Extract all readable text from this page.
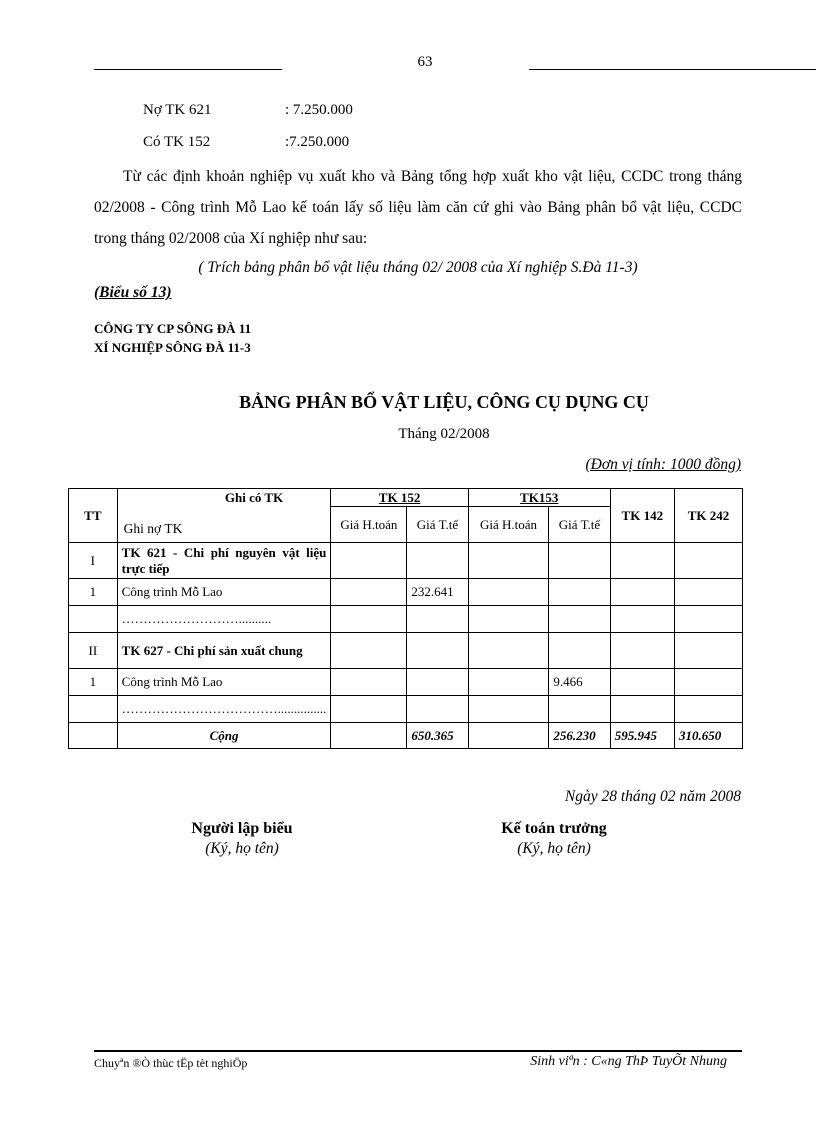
63
Nợ TK 621	: 7.250.000
Có TK 152	:7.250.000

Từ các định khoản nghiệp vụ xuất kho và Bảng tổng hợp xuất kho vật liệu, CCDC trong tháng 02/2008 - Công trình Mỗ Lao kế toán lấy số liệu làm căn cứ ghi vào Bảng phân bổ vật liệu, CCDC trong tháng 02/2008 của Xí nghiệp như sau:

( Trích bảng phân bổ vật liệu tháng 02/ 2008 của Xí nghiệp S.Đà 11-3)
(Biểu số 13)
CÔNG TY CP SÔNG ĐÀ 11
XÍ NGHIỆP SÔNG ĐÀ 11-3
BẢNG PHÂN BỔ VẬT LIỆU, CÔNG CỤ DỤNG CỤ
Tháng 02/2008
(Đơn vị tính: 1000 đồng)
TT	Ghi có TK
Ghi nợ TK	TK 152		TK153		TK 142	TK 242
		Giá H.toán	Giá T.tế	Giá H.toán	Giá T.tế		
I	TK 621 - Chi phí nguyên vật liệu trực tiếp						
1	Công trình Mỗ Lao		232.641				
	………………………..........						
II	TK 627 - Chi phí sản xuất chung						
1	Công trình Mỗ Lao				9.466		
	………………………………...............						
	Cộng		650.365		256.230	595.945	310.650
Ngày 28 tháng 02 năm 2008
Người lập biểu
(Ký, họ tên)
Kế toán trưởng
(Ký, họ tên)
Chuyªn ®Ò thùc tËp tèt nghiÖp	Sinh viªn : C«ng ThÞ TuyÕt Nhung
